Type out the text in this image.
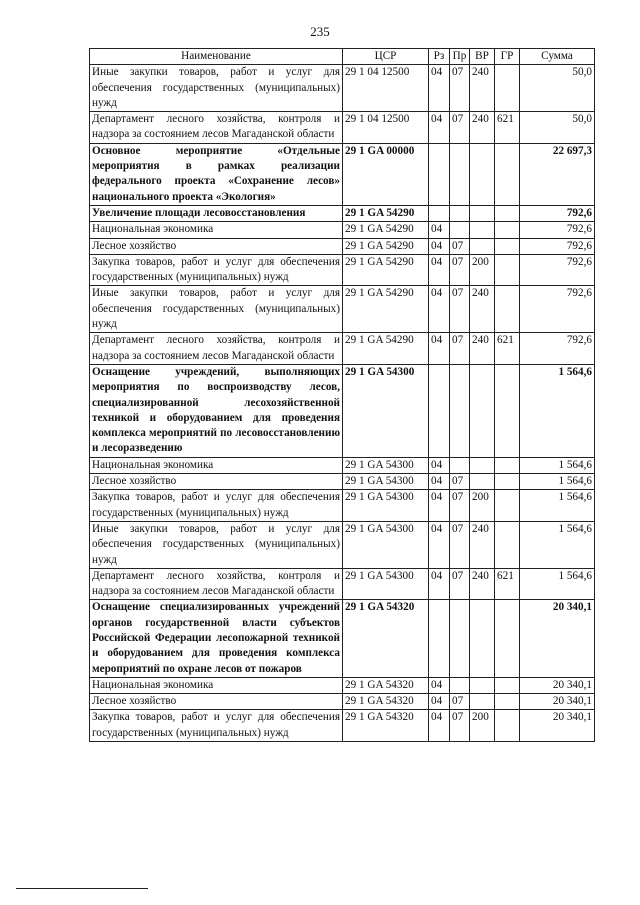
235
Наименование	ЦСР	Рз	Пр	ВР	ГР	Сумма
Иные закупки товаров, работ и услуг для обеспечения государственных (муниципальных) нужд	29 1 04 12500	04	07	240		50,0
Департамент лесного хозяйства, контроля и надзора за состоянием лесов Магаданской области	29 1 04 12500	04	07	240	621	50,0
Основное мероприятие «Отдельные мероприятия в рамках реализации федерального проекта «Сохранение лесов» национального проекта «Экология»	29 1 GA 00000					22 697,3
Увеличение площади лесовосстановления	29 1 GA 54290					792,6
Национальная экономика	29 1 GA 54290	04				792,6
Лесное хозяйство	29 1 GA 54290	04	07			792,6
Закупка товаров, работ и услуг для обеспечения государственных (муниципальных) нужд	29 1 GA 54290	04	07	200		792,6
Иные закупки товаров, работ и услуг для обеспечения государственных (муниципальных) нужд	29 1 GA 54290	04	07	240		792,6
Департамент лесного хозяйства, контроля и надзора за состоянием лесов Магаданской области	29 1 GA 54290	04	07	240	621	792,6
Оснащение учреждений, выполняющих мероприятия по воспроизводству лесов, специализированной лесохозяйственной техникой и оборудованием для проведения комплекса мероприятий по лесовосстановлению и лесоразведению	29 1 GA 54300					1 564,6
Национальная экономика	29 1 GA 54300	04				1 564,6
Лесное хозяйство	29 1 GA 54300	04	07			1 564,6
Закупка товаров, работ и услуг для обеспечения государственных (муниципальных) нужд	29 1 GA 54300	04	07	200		1 564,6
Иные закупки товаров, работ и услуг для обеспечения государственных (муниципальных) нужд	29 1 GA 54300	04	07	240		1 564,6
Департамент лесного хозяйства, контроля и надзора за состоянием лесов Магаданской области	29 1 GA 54300	04	07	240	621	1 564,6
Оснащение специализированных учреждений органов государственной власти субъектов Российской Федерации лесопожарной техникой и оборудованием для проведения комплекса мероприятий по охране лесов от пожаров	29 1 GA 54320					20 340,1
Национальная экономика	29 1 GA 54320	04				20 340,1
Лесное хозяйство	29 1 GA 54320	04	07			20 340,1
Закупка товаров, работ и услуг для обеспечения государственных (муниципальных) нужд	29 1 GA 54320	04	07	200		20 340,1
